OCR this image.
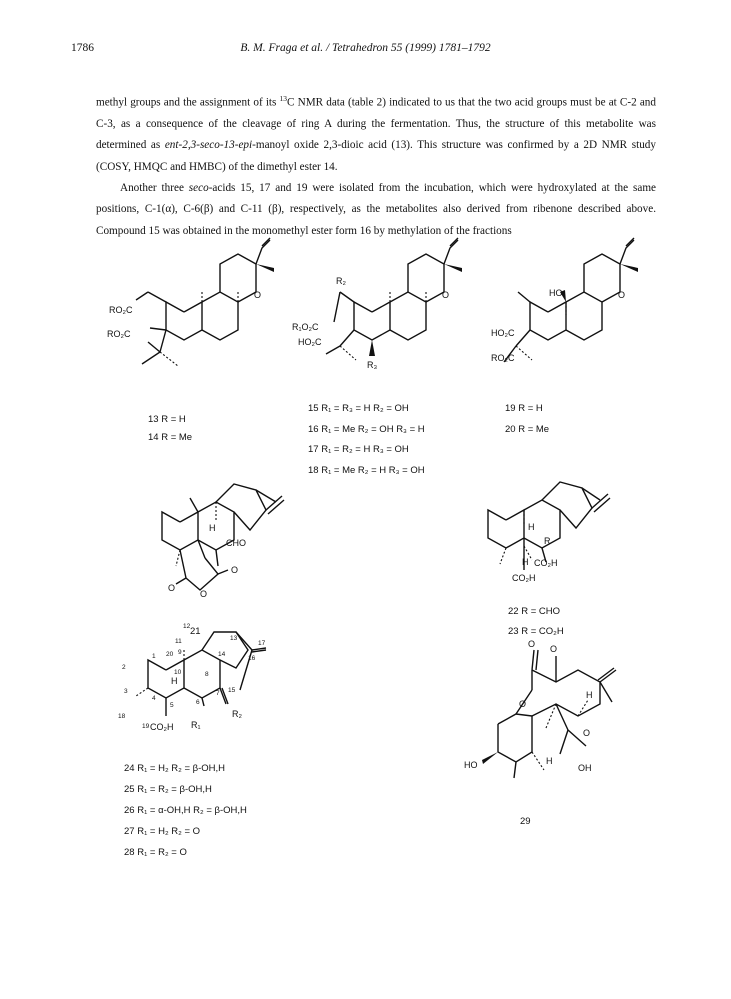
1786	B. M. Fraga et al. / Tetrahedron 55 (1999) 1781–1792

methyl groups and the assignment of its $^{13}$C NMR data (table 2) indicated to us that the two acid groups must be at C-2 and C-3, as a consequence of the cleavage of ring A during the fermentation. Thus, the structure of this metabolite was determined as ent-2,3-seco-13-epi-manoyl oxide 2,3-dioic acid (13). This structure was confirmed by a 2D NMR study (COSY, HMQC and HMBC) of the dimethyl ester 14.

Another three seco-acids 15, 17 and 19 were isolated from the incubation, which were hydroxylated at the same positions, C-1(α), C-6(β) and C-11 (β), respectively, as the metabolites also derived from ribenone described above. Compound 15 was obtained in the monomethyl ester form 16 by methylation of the fractions

RO₂C
RO₂C
O
13 R = H
14 R = Me
R₂
R₁O₂C
HO₂C
R₃
O
15 R₁ = R₃ = H R₂ = OH
16 R₁ = Me R₂ = OH R₃ = H
17 R₁ = R₂ = H R₃ = OH
18 R₁ = Me R₂ = H R₃ = OH
HO
HO₂C
RO₂C
O
19 R = H
20 R = Me
H
CHO
O
O
O
21
H
R
H CO₂H
CO₂H
22 R = CHO
23 R = CO₂H
12
13
17
11
1 20 9	14
16
2
10	8
3
4
5
7 15
6
18
19
H
CO₂H R₁
R₂
24 R₁ = H₂ R₂ = β-OH,H
25 R₁ = R₂ = β-OH,H
26 R₁ = α-OH,H R₂ = β-OH,H
27 R₁ = H₂ R₂ = O
28 R₁ = R₂ = O
O
O
O
O
H
H
HO	OH
29
